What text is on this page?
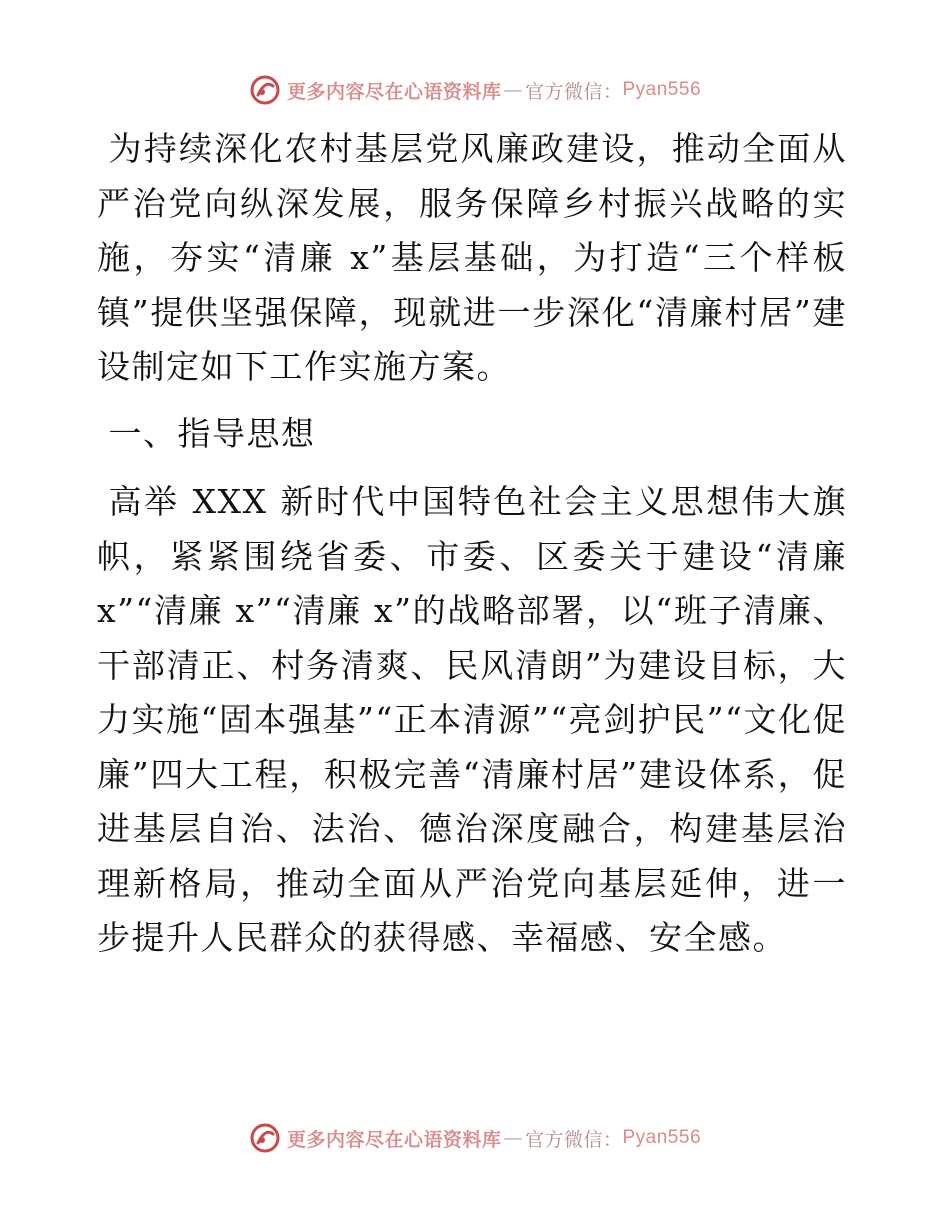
更多内容尽在心语资料库 — 官方微信： Pyan556

为持续深化农村基层党风廉政建设，推动全面从严治党向纵深发展，服务保障乡村振兴战略的实施，夯实“清廉 x”基层基础，为打造“三个样板镇”提供坚强保障，现就进一步深化“清廉村居”建设制定如下工作实施方案。

一、指导思想

高举 XXX 新时代中国特色社会主义思想伟大旗帜，紧紧围绕省委、市委、区委关于建设“清廉 x”“清廉 x”“清廉 x”的战略部署，以“班子清廉、干部清正、村务清爽、民风清朗”为建设目标，大力实施“固本强基”“正本清源”“亮剑护民”“文化促廉”四大工程，积极完善“清廉村居”建设体系，促进基层自治、法治、德治深度融合，构建基层治理新格局，推动全面从严治党向基层延伸，进一步提升人民群众的获得感、幸福感、安全感。

更多内容尽在心语资料库 — 官方微信： Pyan556
